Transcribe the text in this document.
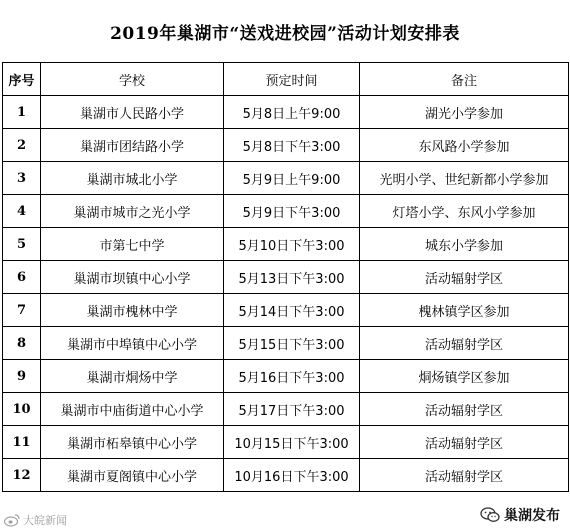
2019年巢湖市“送戏进校园”活动计划安排表
序号	学校	预定时间	备注
1	巢湖市人民路小学	5月8日上午9:00	湖光小学参加
2	巢湖市团结路小学	5月8日下午3:00	东风路小学参加
3	巢湖市城北小学	5月9日上午9:00	光明小学、世纪新都小学参加
4	巢湖市城市之光小学	5月9日下午3:00	灯塔小学、东风小学参加
5	市第七中学	5月10日下午3:00	城东小学参加
6	巢湖市坝镇中心小学	5月13日下午3:00	活动辐射学区
7	巢湖市槐林中学	5月14日下午3:00	槐林镇学区参加
8	巢湖市中埠镇中心小学	5月15日下午3:00	活动辐射学区
9	巢湖市烔炀中学	5月16日下午3:00	烔炀镇学区参加
10	巢湖市中庙街道中心小学	5月17日下午3:00	活动辐射学区
11	巢湖市柘皋镇中心小学	10月15日下午3:00	活动辐射学区
12	巢湖市夏阁镇中心小学	10月16日下午3:00	活动辐射学区
大皖新闻	巢湖发布
